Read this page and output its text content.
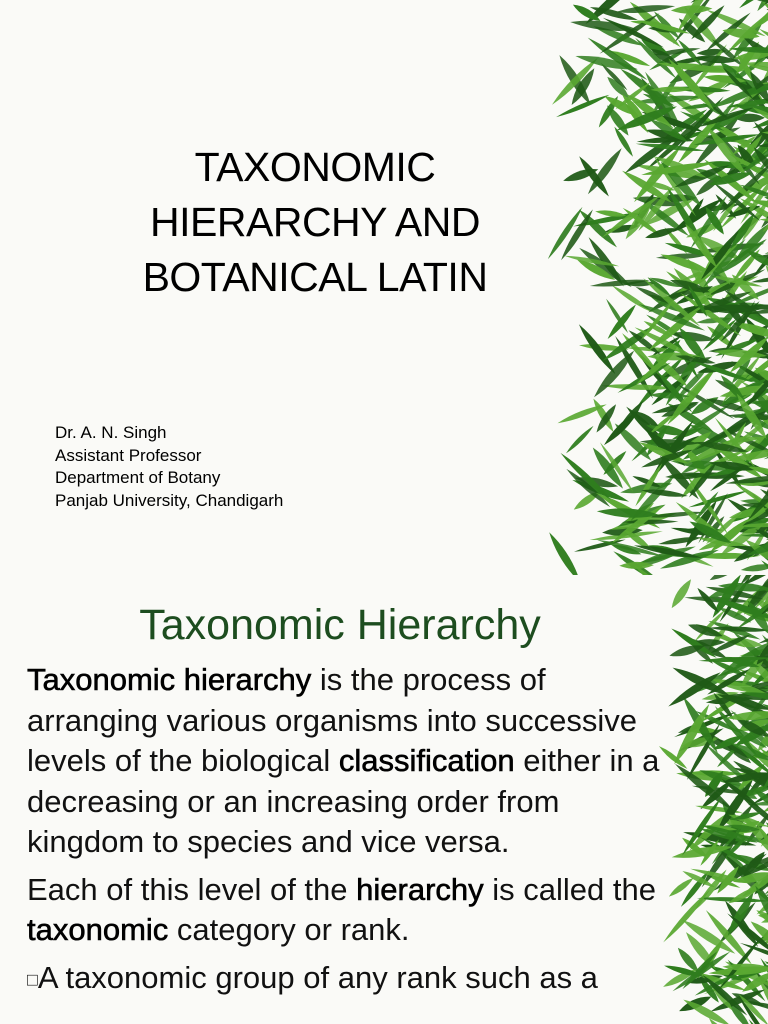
TAXONOMIC
HIERARCHY AND
BOTANICAL LATIN
Dr. A. N. Singh
Assistant Professor
Department of Botany
Panjab University, Chandigarh
Taxonomic Hierarchy

Taxonomic hierarchy is the process of arranging various organisms into successive levels of the biological classification either in a decreasing or an increasing order from kingdom to species and vice versa.

Each of this level of the hierarchy is called the taxonomic category or rank.

□A taxonomic group of any rank such as a
